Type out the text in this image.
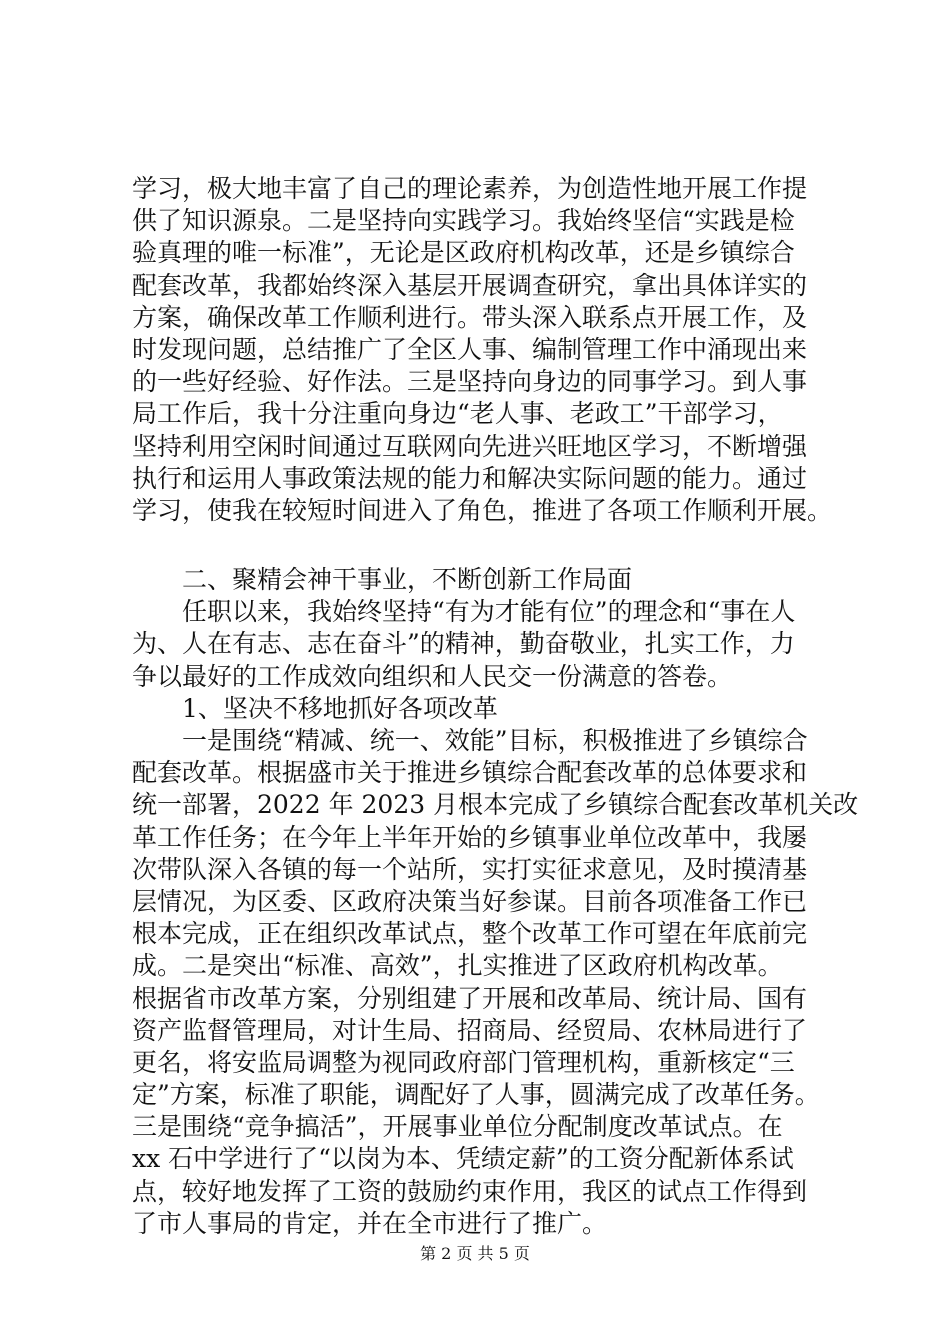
学习，极大地丰富了自己的理论素养，为创造性地开展工作提
供了知识源泉。二是坚持向实践学习。我始终坚信“实践是检
验真理的唯一标准”，无论是区政府机构改革，还是乡镇综合
配套改革，我都始终深入基层开展调查研究，拿出具体详实的
方案，确保改革工作顺利进行。带头深入联系点开展工作，及
时发现问题，总结推广了全区人事、编制管理工作中涌现出来
的一些好经验、好作法。三是坚持向身边的同事学习。到人事
局工作后，我十分注重向身边“老人事、老政工”干部学习，
坚持利用空闲时间通过互联网向先进兴旺地区学习，不断增强
执行和运用人事政策法规的能力和解决实际问题的能力。通过
学习，使我在较短时间进入了角色，推进了各项工作顺利开展。
　　二、聚精会神干事业，不断创新工作局面
　　任职以来，我始终坚持“有为才能有位”的理念和“事在人
为、人在有志、志在奋斗”的精神，勤奋敬业，扎实工作，力
争以最好的工作成效向组织和人民交一份满意的答卷。
　　1、坚决不移地抓好各项改革
　　一是围绕“精减、统一、效能”目标，积极推进了乡镇综合
配套改革。根据盛市关于推进乡镇综合配套改革的总体要求和
统一部署，2022 年 2023 月根本完成了乡镇综合配套改革机关改
革工作任务；在今年上半年开始的乡镇事业单位改革中，我屡
次带队深入各镇的每一个站所，实打实征求意见，及时摸清基
层情况，为区委、区政府决策当好参谋。目前各项准备工作已
根本完成，正在组织改革试点，整个改革工作可望在年底前完
成。二是突出“标准、高效”，扎实推进了区政府机构改革。
根据省市改革方案，分别组建了开展和改革局、统计局、国有
资产监督管理局，对计生局、招商局、经贸局、农林局进行了
更名，将安监局调整为视同政府部门管理机构，重新核定“三
定”方案，标准了职能，调配好了人事，圆满完成了改革任务。
三是围绕“竞争搞活”，开展事业单位分配制度改革试点。在
xx 石中学进行了“以岗为本、凭绩定薪”的工资分配新体系试
点，较好地发挥了工资的鼓励约束作用，我区的试点工作得到
了市人事局的肯定，并在全市进行了推广。
第 2 页 共 5 页
